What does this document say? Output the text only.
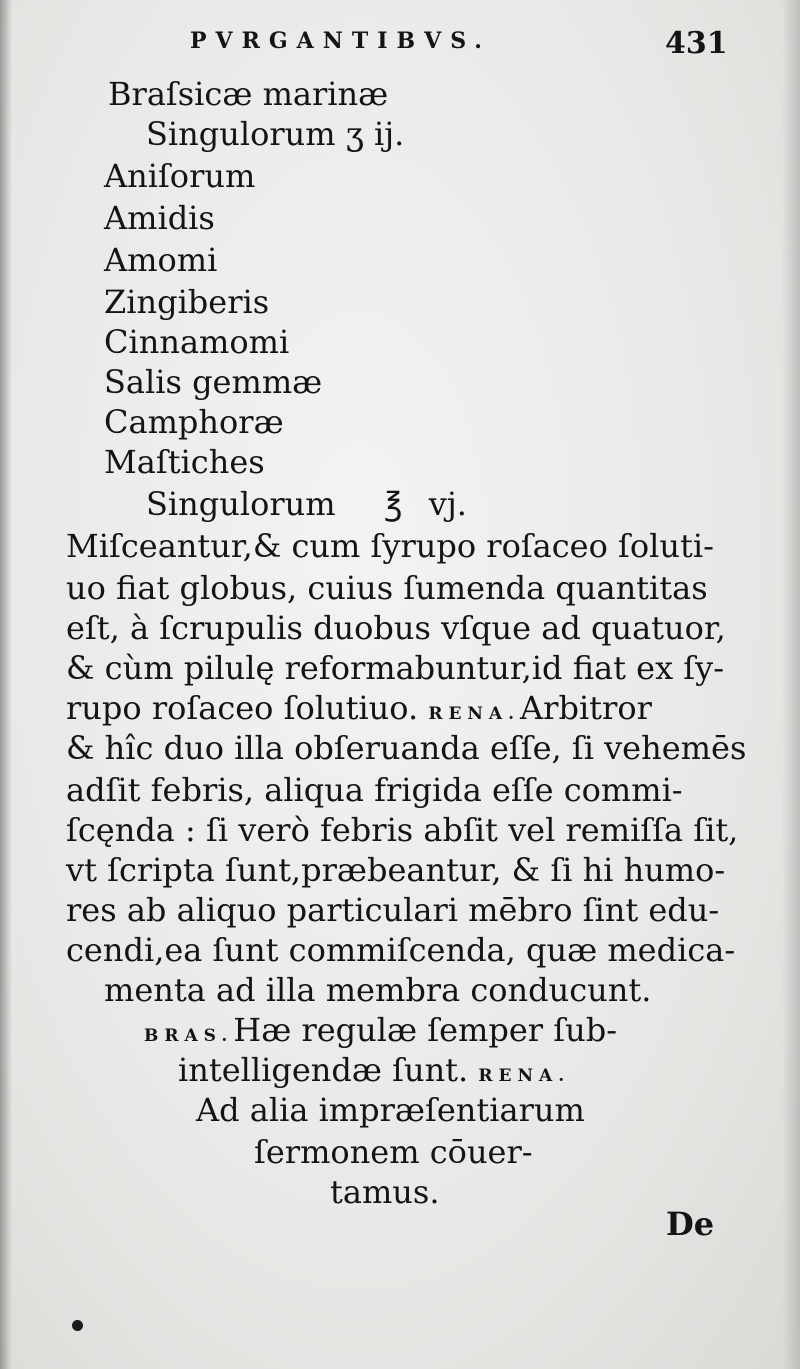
PVRGANTIBVS.	431
Braſsicæ marinæ
Singulorum ʒ ij.
Aniſorum
Amidis
Amomi
Zingiberis
Cinnamomi
Salis gemmæ
Camphoræ
Maſtiches
Singulorum ℥ vj.
Miſceantur,& cum ſyrupo roſaceo ſoluti-
uo fiat globus, cuius ſumenda quantitas
eſt, à ſcrupulis duobus vſque ad quatuor,
& cùm pilulę reformabuntur,id fiat ex ſy-
rupo roſaceo ſolutiuo. RENA.Arbitror
& hîc duo illa obſeruanda eſſe, ſi vehemēs
adſit febris, aliqua frigida eſſe commi-
ſcęnda : ſi verò febris abſit vel remiſſa ſit,
vt ſcripta ſunt,præbeantur, & ſi hi humo-
res ab aliquo particulari mēbro ſint edu-
cendi,ea ſunt commiſcenda, quæ medica-
menta ad illa membra conducunt.
BRAS.Hæ regulæ ſemper ſub-
intelligendæ ſunt. RENA.
Ad alia impræſentiarum
ſermonem cōuer-
tamus.
De
